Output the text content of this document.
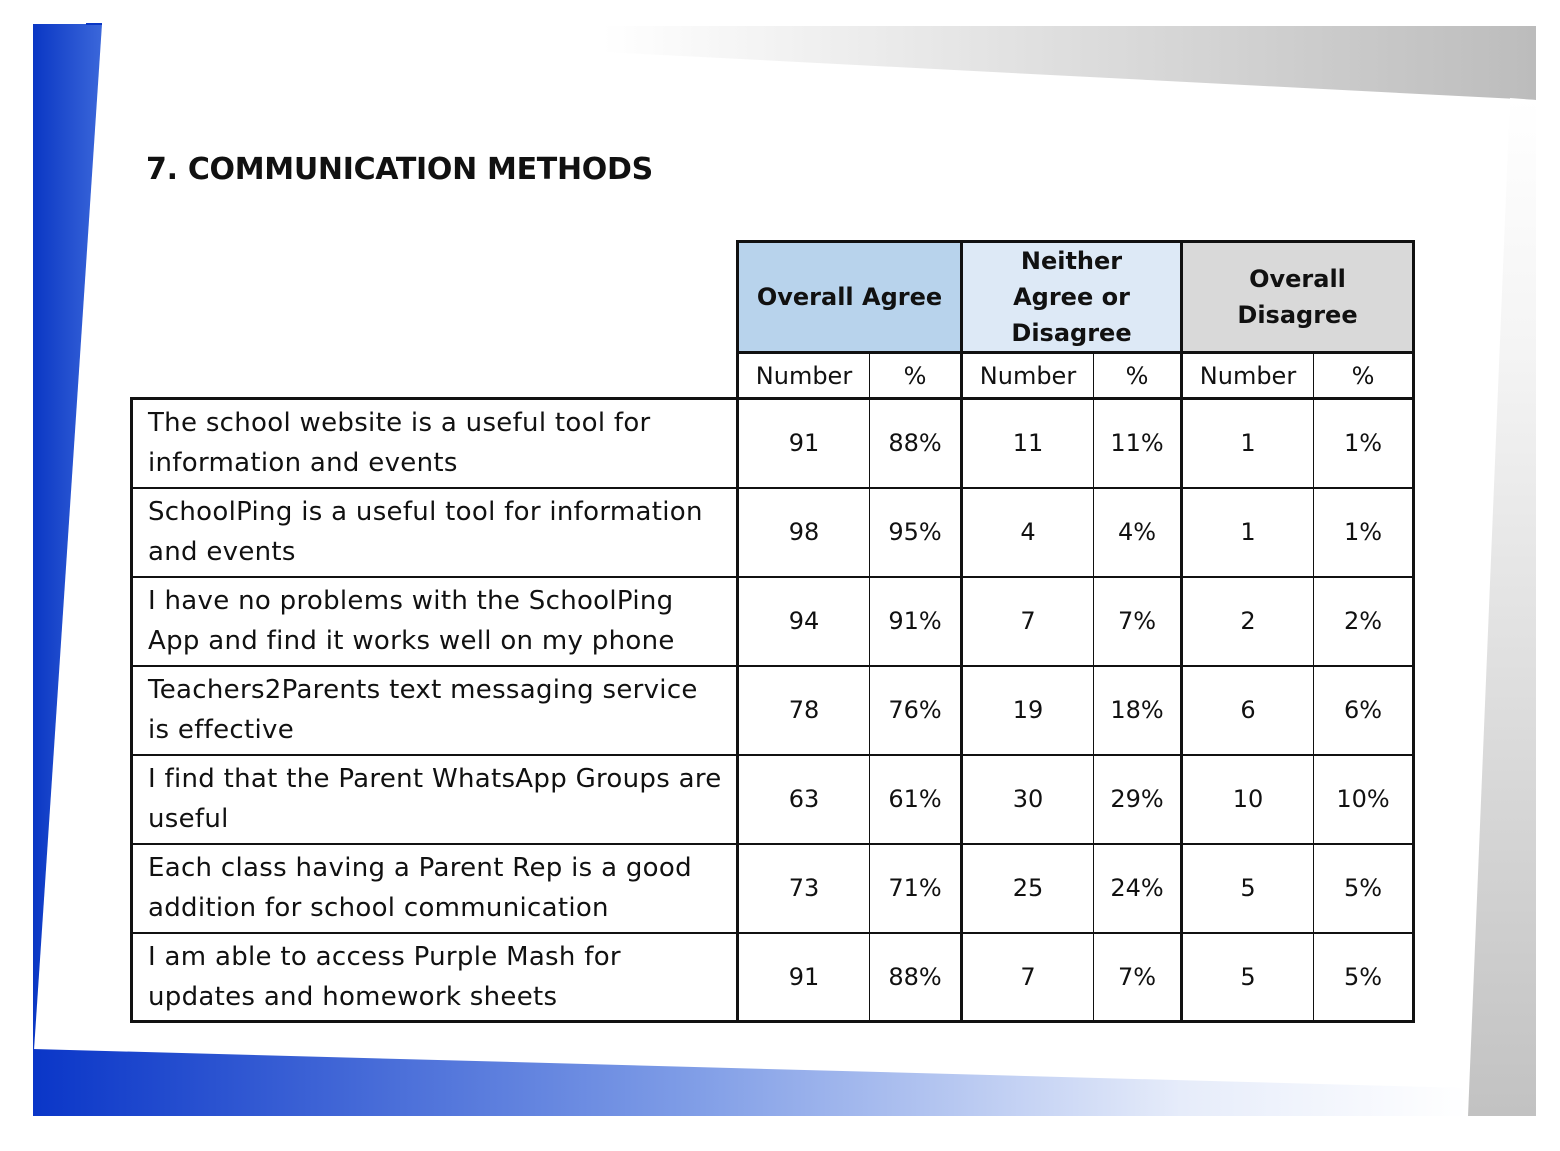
7. COMMUNICATION METHODS
	Overall Agree		Neither Agree or Disagree		Overall Disagree	
	Number	%	Number	%	Number	%
The school website is a useful tool for information and events	91	88%	11	11%	1	1%
SchoolPing is a useful tool for information and events	98	95%	4	4%	1	1%
I have no problems with the SchoolPing App and find it works well on my phone	94	91%	7	7%	2	2%
Teachers2Parents text messaging service is effective	78	76%	19	18%	6	6%
I find that the Parent WhatsApp Groups are useful	63	61%	30	29%	10	10%
Each class having a Parent Rep is a good addition for school communication	73	71%	25	24%	5	5%
I am able to access Purple Mash for updates and homework sheets	91	88%	7	7%	5	5%
